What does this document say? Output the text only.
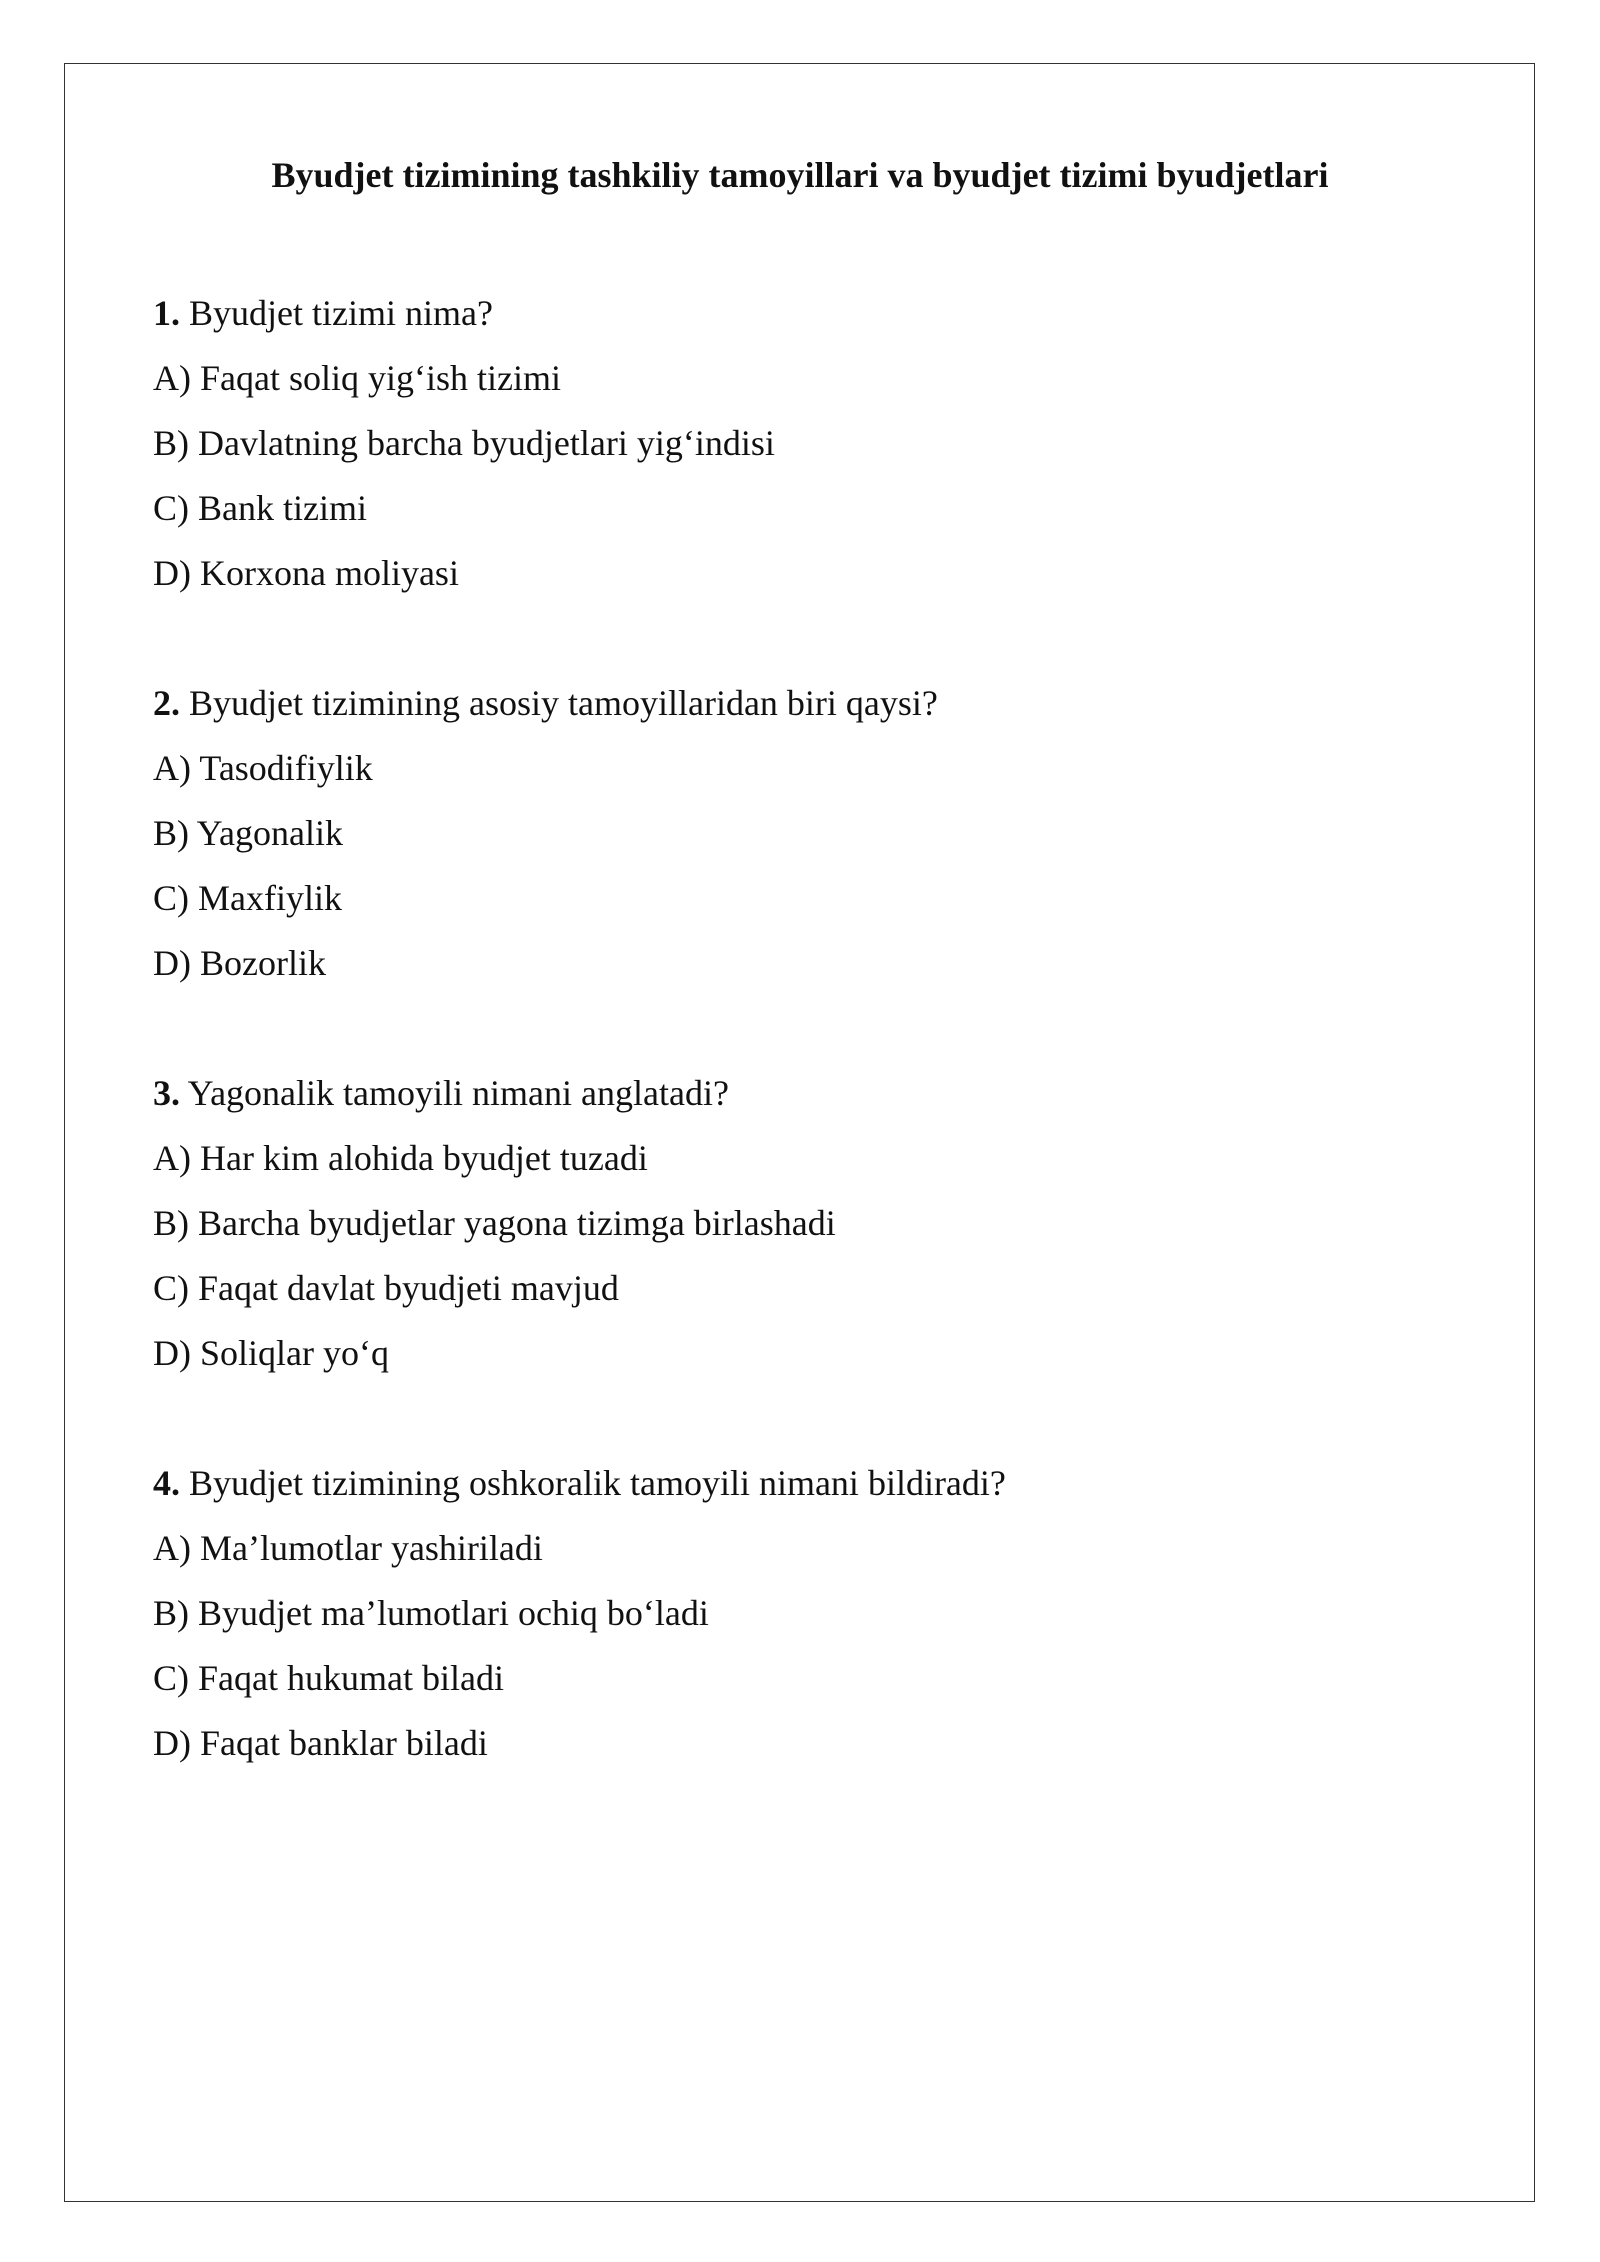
Byudjet tizimining tashkiliy tamoyillari va byudjet tizimi byudjetlari
1. Byudjet tizimi nima?
A) Faqat soliq yig‘ish tizimi
B) Davlatning barcha byudjetlari yig‘indisi
C) Bank tizimi
D) Korxona moliyasi
2. Byudjet tizimining asosiy tamoyillaridan biri qaysi?
A) Tasodifiylik
B) Yagonalik
C) Maxfiylik
D) Bozorlik
3. Yagonalik tamoyili nimani anglatadi?
A) Har kim alohida byudjet tuzadi
B) Barcha byudjetlar yagona tizimga birlashadi
C) Faqat davlat byudjeti mavjud
D) Soliqlar yo‘q
4. Byudjet tizimining oshkoralik tamoyili nimani bildiradi?
A) Ma’lumotlar yashiriladi
B) Byudjet ma’lumotlari ochiq bo‘ladi
C) Faqat hukumat biladi
D) Faqat banklar biladi
